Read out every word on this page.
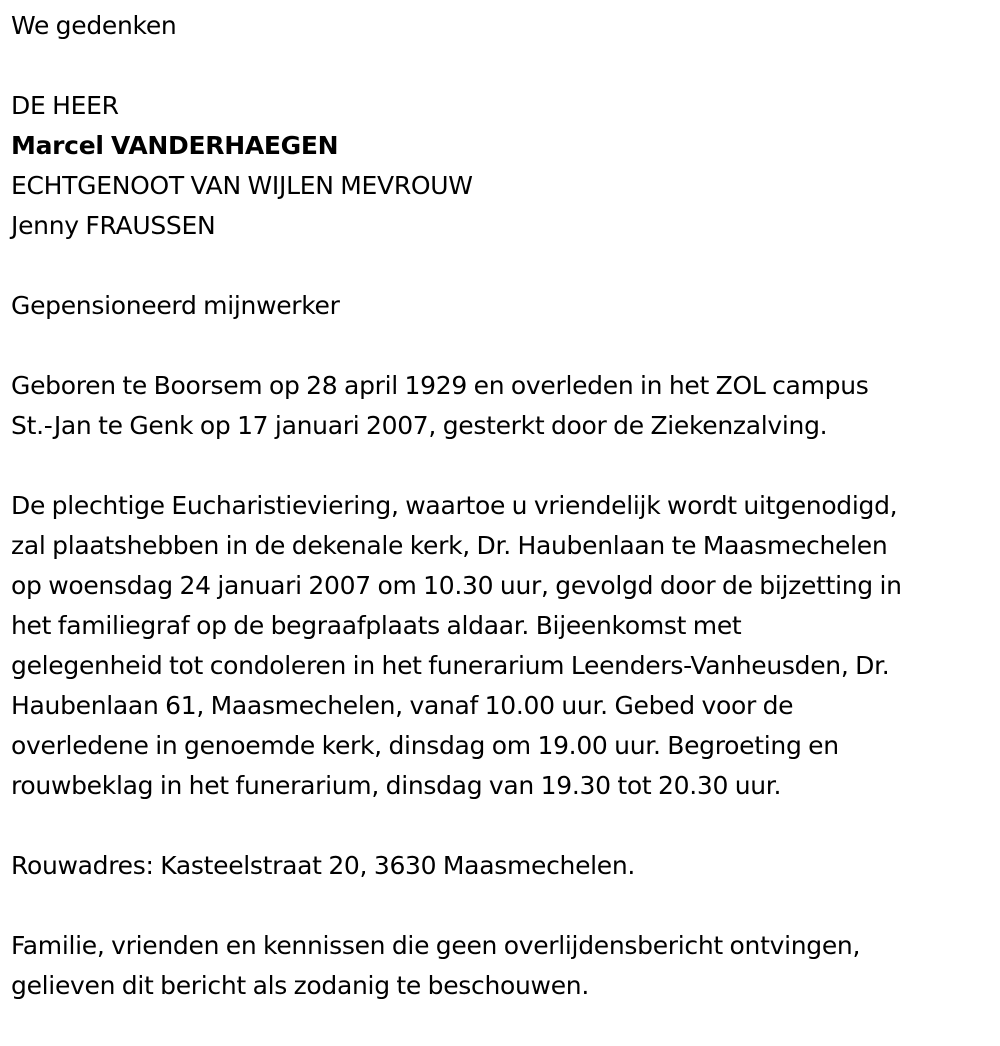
We gedenken

DE HEER

Marcel VANDERHAEGEN

ECHTGENOOT VAN WIJLEN MEVROUW

Jenny FRAUSSEN

Gepensioneerd mijnwerker

Geboren te Boorsem op 28 april 1929 en overleden in het ZOL campus

St.-Jan te Genk op 17 januari 2007, gesterkt door de Ziekenzalving.

De plechtige Eucharistieviering, waartoe u vriendelijk wordt uitgenodigd,

zal plaatshebben in de dekenale kerk, Dr. Haubenlaan te Maasmechelen

op woensdag 24 januari 2007 om 10.30 uur, gevolgd door de bijzetting in

het familiegraf op de begraafplaats aldaar. Bijeenkomst met

gelegenheid tot condoleren in het funerarium Leenders-Vanheusden, Dr.

Haubenlaan 61, Maasmechelen, vanaf 10.00 uur. Gebed voor de

overledene in genoemde kerk, dinsdag om 19.00 uur. Begroeting en

rouwbeklag in het funerarium, dinsdag van 19.30 tot 20.30 uur.

Rouwadres: Kasteelstraat 20, 3630 Maasmechelen.

Familie, vrienden en kennissen die geen overlijdensbericht ontvingen,

gelieven dit bericht als zodanig te beschouwen.
